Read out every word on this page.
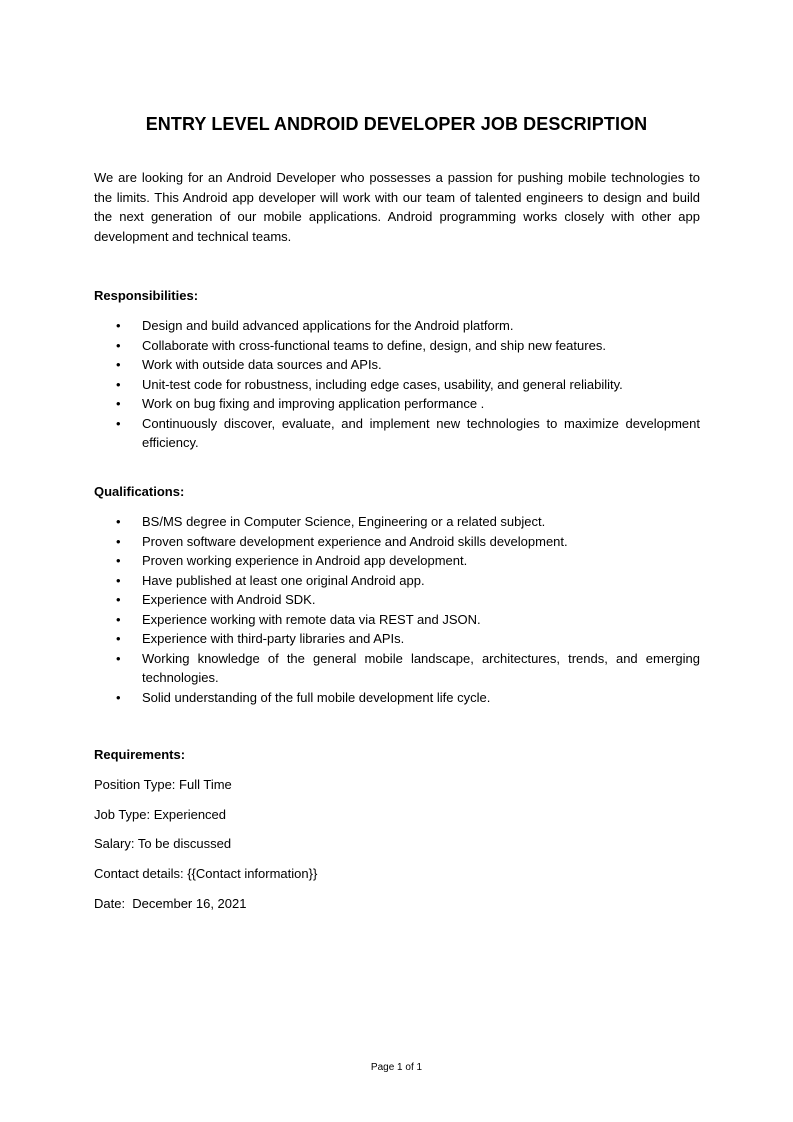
ENTRY LEVEL ANDROID DEVELOPER JOB DESCRIPTION

We are looking for an Android Developer who possesses a passion for pushing mobile technologies to the limits. This Android app developer will work with our team of talented engineers to design and build the next generation of our mobile applications. Android programming works closely with other app development and technical teams.

Responsibilities:

• Design and build advanced applications for the Android platform.
• Collaborate with cross-functional teams to define, design, and ship new features.
• Work with outside data sources and APIs.
• Unit-test code for robustness, including edge cases, usability, and general reliability.
• Work on bug fixing and improving application performance .
• Continuously discover, evaluate, and implement new technologies to maximize development efficiency.

Qualifications:

• BS/MS degree in Computer Science, Engineering or a related subject.
• Proven software development experience and Android skills development.
• Proven working experience in Android app development.
• Have published at least one original Android app.
• Experience with Android SDK.
• Experience working with remote data via REST and JSON.
• Experience with third-party libraries and APIs.
• Working knowledge of the general mobile landscape, architectures, trends, and emerging technologies.
• Solid understanding of the full mobile development life cycle.

Requirements:

Position Type: Full Time

Job Type: Experienced

Salary: To be discussed

Contact details: {{Contact information}}

Date:  December 16, 2021

Page 1 of 1
